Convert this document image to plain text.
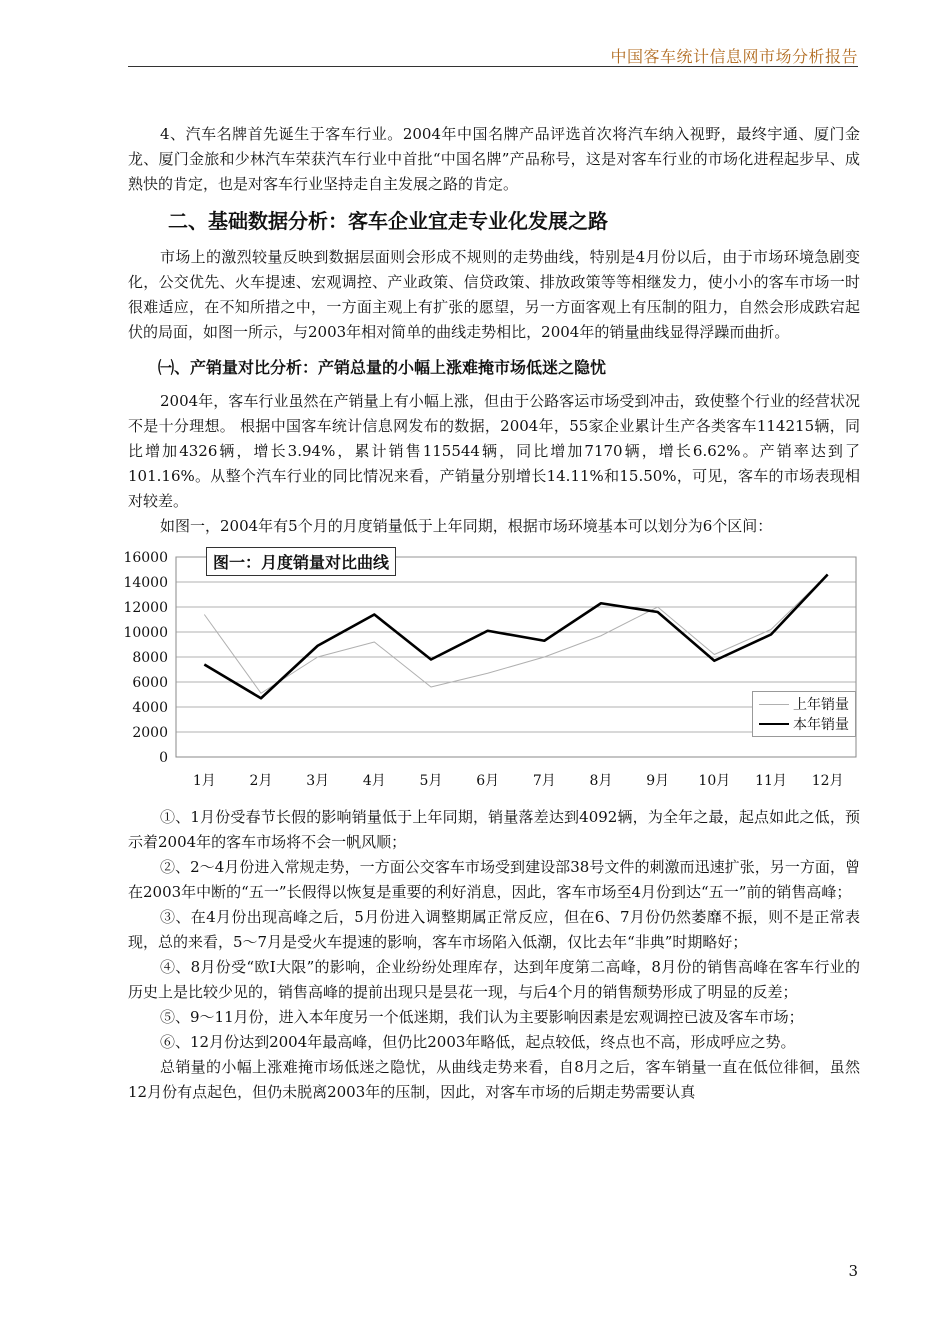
中国客车统计信息网市场分析报告

4、汽车名牌首先诞生于客车行业。2004年中国名牌产品评选首次将汽车纳入视野，最终宇通、厦门金龙、厦门金旅和少林汽车荣获汽车行业中首批“中国名牌”产品称号，这是对客车行业的市场化进程起步早、成熟快的肯定，也是对客车行业坚持走自主发展之路的肯定。

二、基础数据分析：客车企业宜走专业化发展之路

市场上的激烈较量反映到数据层面则会形成不规则的走势曲线，特别是4月份以后，由于市场环境急剧变化，公交优先、火车提速、宏观调控、产业政策、信贷政策、排放政策等等相继发力，使小小的客车市场一时很难适应，在不知所措之中，一方面主观上有扩张的愿望，另一方面客观上有压制的阻力，自然会形成跌宕起伏的局面，如图一所示，与2003年相对简单的曲线走势相比，2004年的销量曲线显得浮躁而曲折。

㈠、产销量对比分析：产销总量的小幅上涨难掩市场低迷之隐忧

2004年，客车行业虽然在产销量上有小幅上涨，但由于公路客运市场受到冲击，致使整个行业的经营状况不是十分理想。 根据中国客车统计信息网发布的数据，2004年，55家企业累计生产各类客车114215辆，同比增加4326辆，增长3.94%，累计销售115544辆，同比增加7170辆，增长6.62%。产销率达到了 101.16%。从整个汽车行业的同比情况来看，产销量分别增长14.11%和15.50%，可见，客车的市场表现相对较差。

如图一，2004年有5个月的月度销量低于上年同期，根据市场环境基本可以划分为6个区间：

0
2000
4000
6000
8000
10000
12000
14000
16000
1月 2月 3月 4月 5月 6月 7月 8月 9月 10月 11月 12月
图一：月度销量对比曲线
上年销量
本年销量

①、1月份受春节长假的影响销量低于上年同期，销量落差达到4092辆，为全年之最，起点如此之低，预示着2004年的客车市场将不会一帆风顺；

②、2～4月份进入常规走势，一方面公交客车市场受到建设部38号文件的刺激而迅速扩张，另一方面，曾在2003年中断的“五一”长假得以恢复是重要的利好消息，因此，客车市场至4月份到达“五一”前的销售高峰；

③、在4月份出现高峰之后，5月份进入调整期属正常反应，但在6、7月份仍然萎靡不振，则不是正常表现，总的来看，5～7月是受火车提速的影响，客车市场陷入低潮，仅比去年“非典”时期略好；

④、8月份受“欧Ⅰ大限”的影响，企业纷纷处理库存，达到年度第二高峰，8月份的销售高峰在客车行业的历史上是比较少见的，销售高峰的提前出现只是昙花一现，与后4个月的销售颓势形成了明显的反差；

⑤、9～11月份，进入本年度另一个低迷期，我们认为主要影响因素是宏观调控已波及客车市场；

⑥、12月份达到2004年最高峰，但仍比2003年略低，起点较低，终点也不高，形成呼应之势。

总销量的小幅上涨难掩市场低迷之隐忧，从曲线走势来看，自8月之后，客车销量一直在低位徘徊，虽然12月份有点起色，但仍未脱离2003年的压制，因此，对客车市场的后期走势需要认真

3
